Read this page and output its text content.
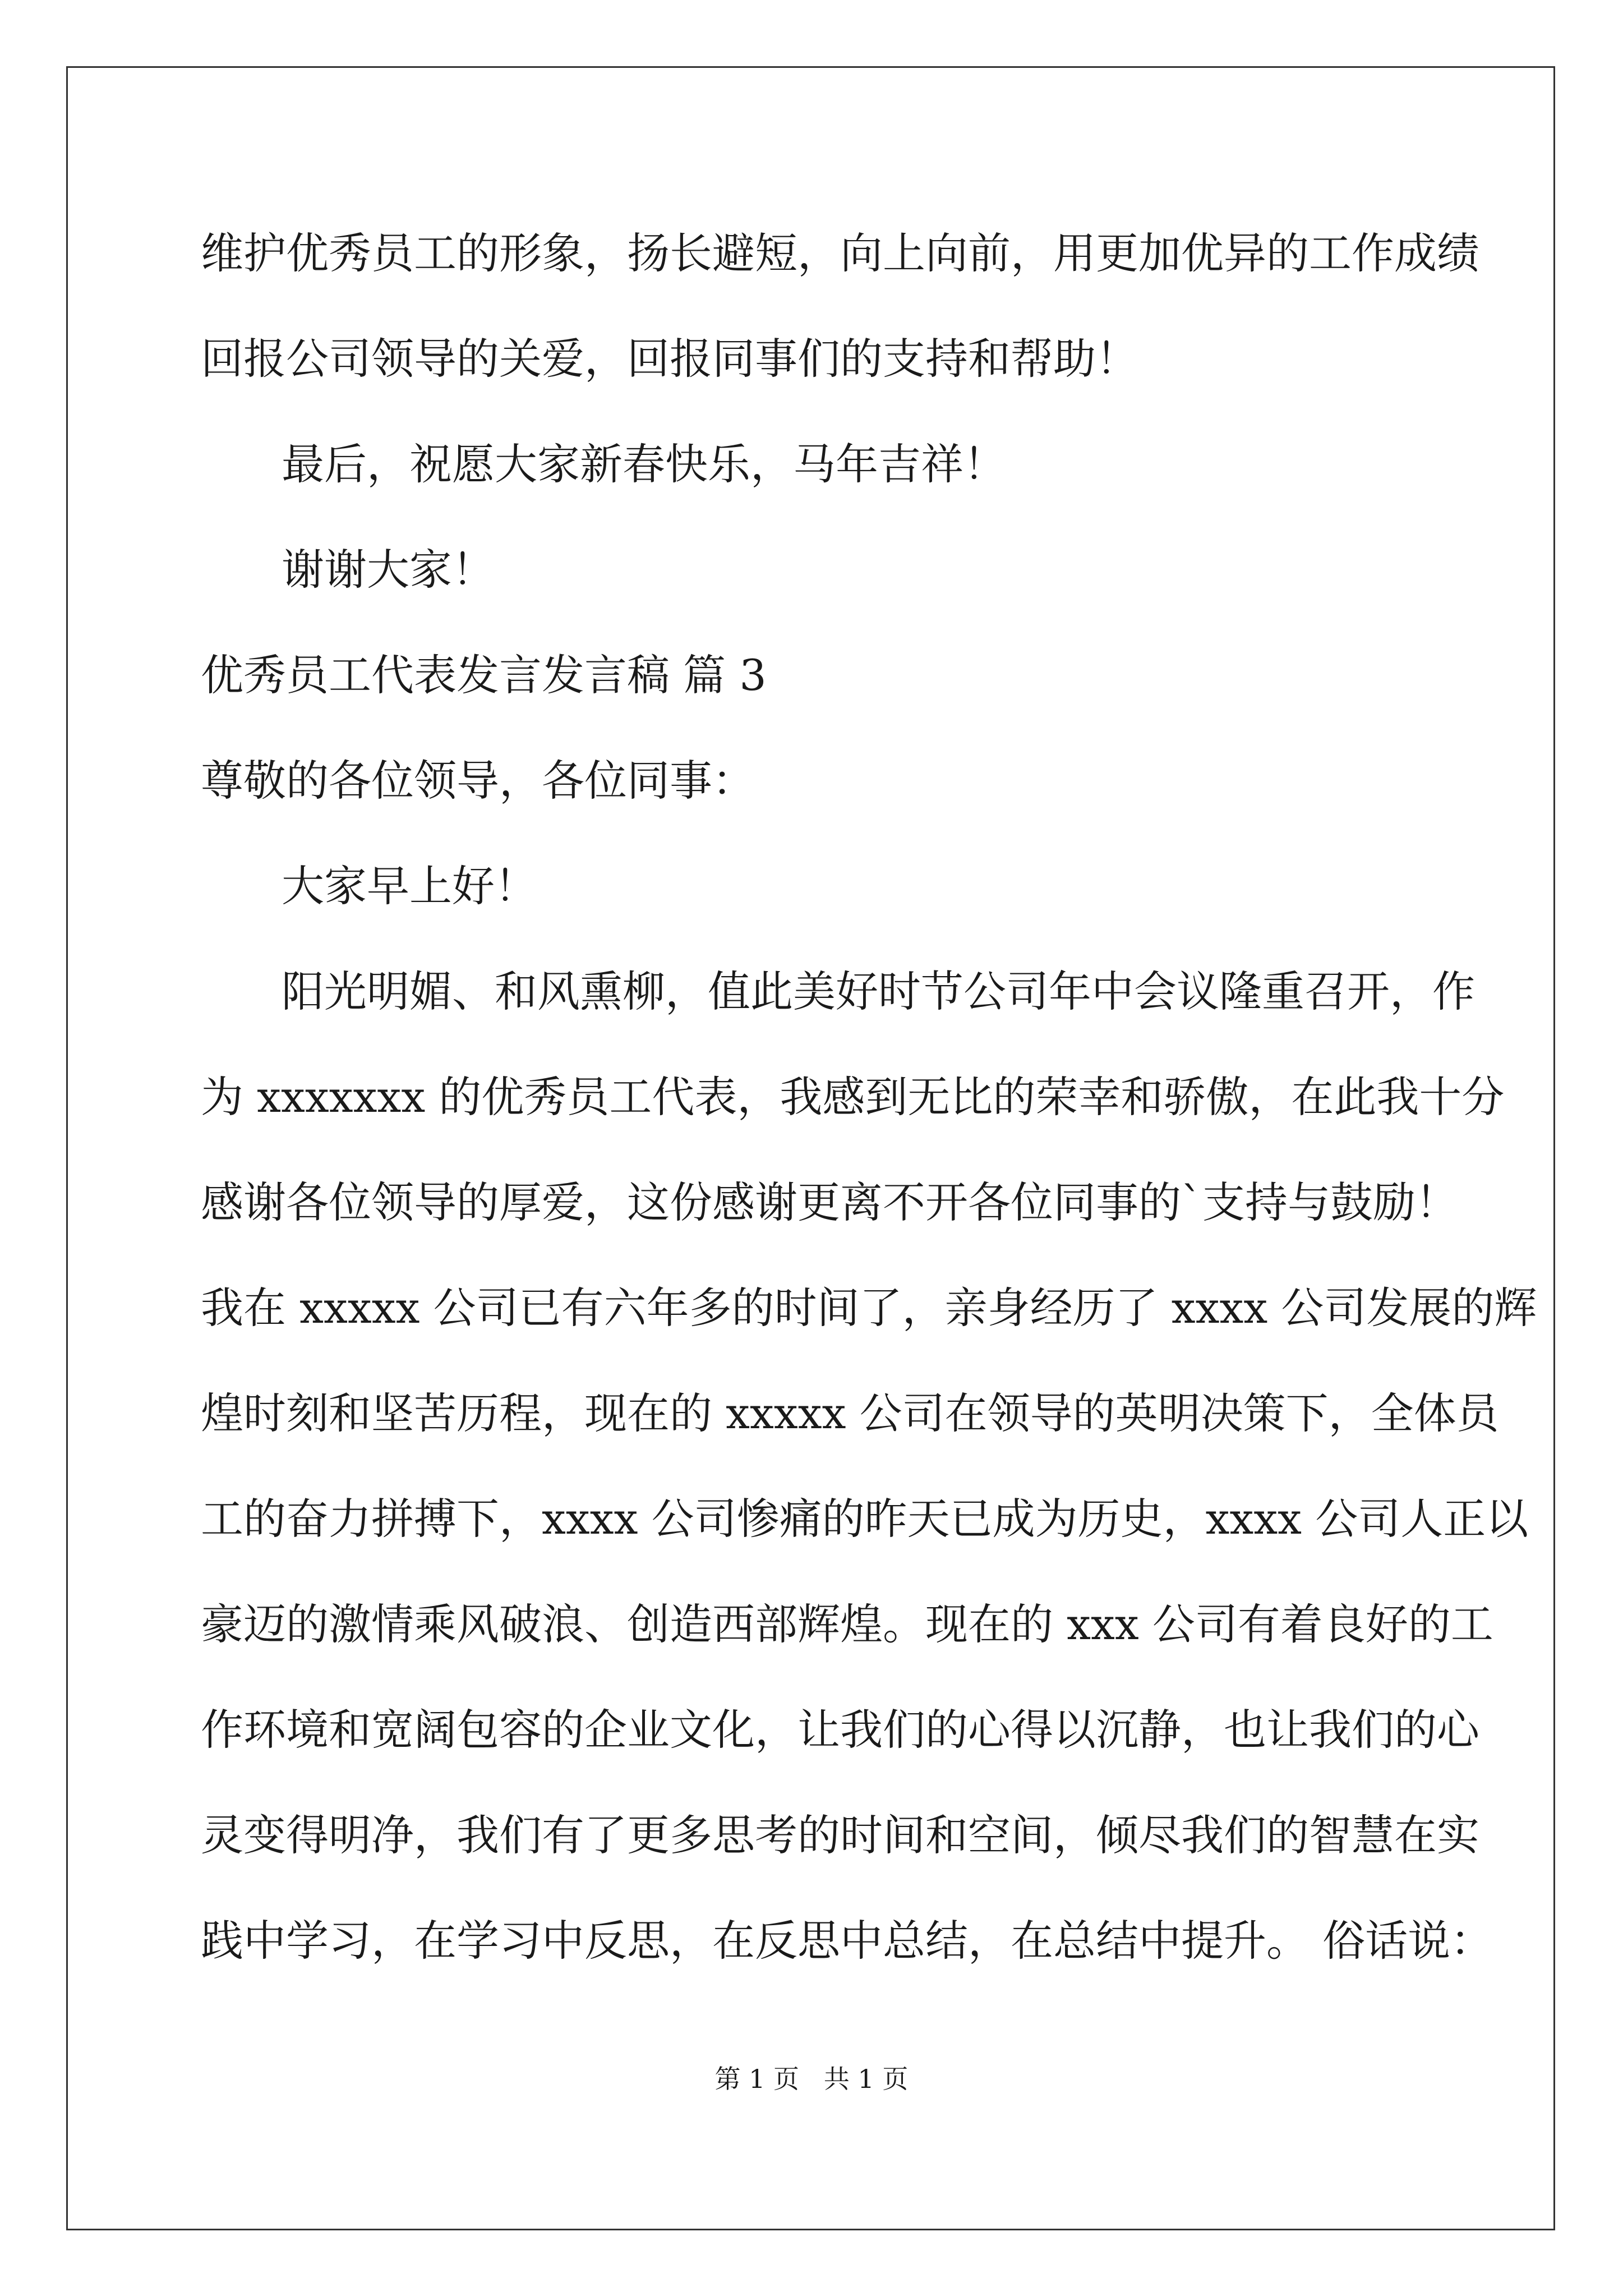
维护优秀员工的形象，扬长避短，向上向前，用更加优异的工作成绩
回报公司领导的关爱，回报同事们的支持和帮助！
最后，祝愿大家新春快乐，马年吉祥！
谢谢大家！
优秀员工代表发言发言稿 篇 3
尊敬的各位领导，各位同事：
大家早上好！
阳光明媚、和风熏柳，值此美好时节公司年中会议隆重召开，作
为 xxxxxxx 的优秀员工代表，我感到无比的荣幸和骄傲，在此我十分
感谢各位领导的厚爱，这份感谢更离不开各位同事的`支持与鼓励！
我在 xxxxx 公司已有六年多的时间了，亲身经历了 xxxx 公司发展的辉
煌时刻和坚苦历程，现在的 xxxxx 公司在领导的英明决策下，全体员
工的奋力拼搏下，xxxx 公司惨痛的昨天已成为历史，xxxx 公司人正以
豪迈的激情乘风破浪、创造西部辉煌。现在的 xxx 公司有着良好的工
作环境和宽阔包容的企业文化，让我们的心得以沉静，也让我们的心
灵变得明净，我们有了更多思考的时间和空间，倾尽我们的智慧在实
践中学习，在学习中反思，在反思中总结，在总结中提升。 俗话说：
第 1 页   共 1 页
